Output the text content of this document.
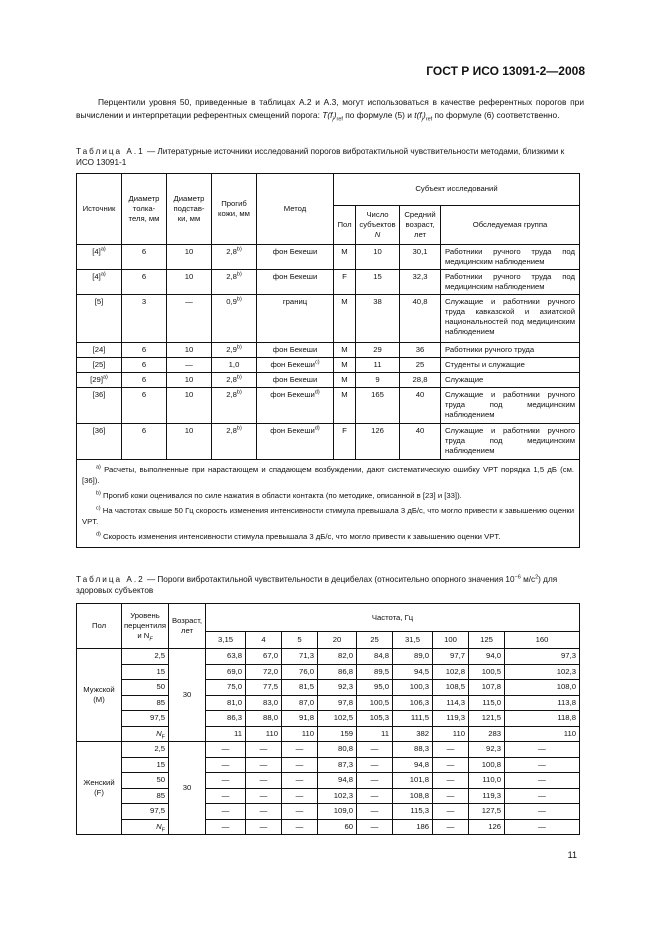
ГОСТ Р ИСО 13091-2—2008
Перцентили уровня 50, приведенные в таблицах А.2 и А.3, могут использоваться в качестве референтных порогов при вычислении и интерпретации референтных смещений порога: $T(f_j)_{ref}$ по формуле (5) и $t(f_j)_{ref}$ по формуле (6) соответственно.
Таблица А.1 — Литературные источники исследований порогов вибротактильной чувствительности методами, близкими к ИСО 13091-1
Источник	Диаметр толка-теля, мм	Диаметр подстав-ки, мм	Прогиб кожи, мм	Метод	Субъект исследований			
					Пол	Число субъектов
N	Средний возраст, лет	Обследуемая группа
$[4]^{a)}$	6	10	2,8$^{b)}$	фон Бекеши	M	10	30,1	Работники ручного труда под медицинским наблюдением
$[4]^{a)}$	6	10	2,8$^{b)}$	фон Бекеши	F	15	32,3	Работники ручного труда под медицинским наблюдением
[5]	3	—	0,9$^{b)}$	границ	M	38	40,8	Служащие и работники ручного труда кавказской и азиатской национальностей под медицинским наблюдением
[24]	6	10	2,9$^{b)}$	фон Бекеши	M	29	36	Работники ручного труда
[25]	6	—	1,0	фон Бекеши$^{c)}$	M	11	25	Студенты и служащие
$[29]^{a)}$	6	10	2,8$^{b)}$	фон Бекеши	M	9	28,8	Служащие
[36]	6	10	2,8$^{b)}$	фон Бекеши$^{d)}$	M	165	40	Служащие и работники ручного труда под медицинским наблюдением
[36]	6	10	2,8$^{b)}$	фон Бекеши$^{d)}$	F	126	40	Служащие и работники ручного труда под медицинским наблюдением

$^{a)}$ Расчеты, выполненные при нарастающем и спадающем возбуждении, дают систематическую ошибку VPT порядка 1,5 дБ (см. [36]).

$^{b)}$ Прогиб кожи оценивался по силе нажатия в области контакта (по методике, описанной в [23] и [33]).

$^{c)}$ На частотах свыше 50 Гц скорость изменения интенсивности стимула превышала 3 дБ/с, что могло привести к завышению оценки VPT.

$^{d)}$ Скорость изменения интенсивности стимула превышала 3 дБ/с, что могло привести к завышению оценки VPT.								

Таблица А.2 — Пороги вибротактильной чувствительности в децибелах (относительно опорного значения $10^{-6}$ $м/с^2$) для здоровых субъектов
Пол	Уровень перцентиля и $N_F$	Возраст, лет	Частота, Гц								
			3,15	4	5	20	25	31,5	100	125	160
Мужской (M)	2,5	30	63,8	67,0	71,3	82,0	84,8	89,0	97,7	94,0	97,3
	15		69,0	72,0	76,0	86,8	89,5	94,5	102,8	100,5	102,3
	50		75,0	77,5	81,5	92,3	95,0	100,3	108,5	107,8	108,0
	85		81,0	83,0	87,0	97,8	100,5	106,3	114,3	115,0	113,8
	97,5		86,3	88,0	91,8	102,5	105,3	111,5	119,3	121,5	118,8
	$N_F$		11	110	110	159	11	382	110	283	110
Женский (F)	2,5	30	—	—	—	80,8	—	88,3	—	92,3	—
	15		—	—	—	87,3	—	94,8	—	100,8	—
	50		—	—	—	94,8	—	101,8	—	110,0	—
	85		—	—	—	102,3	—	108,8	—	119,3	—
	97,5		—	—	—	109,0	—	115,3	—	127,5	—
	$N_F$		—	—	—	60	—	186	—	126	—
11
